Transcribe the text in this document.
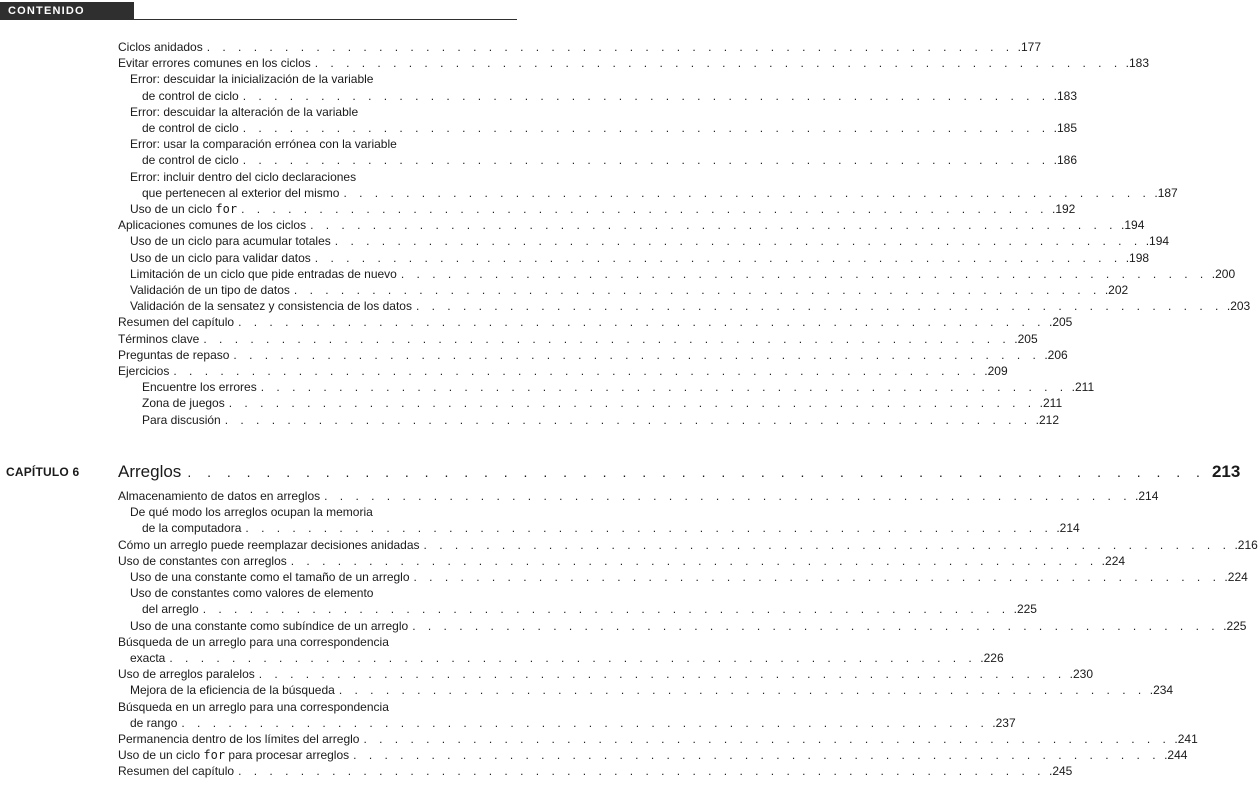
CONTENIDO
Ciclos anidados . . . . . . . . . . . . . . . . . . . . . . . . . . . . . . . . . . . . . . . . . . . . . . . . . . . . .177
Evitar errores comunes en los ciclos . . . . . . . . . . . . . . . . . . . . . . . . . . . . . . . . . . . . . . . . . . . . . . . . . . . . .183
Error: descuidar la inicialización de la variable
de control de ciclo . . . . . . . . . . . . . . . . . . . . . . . . . . . . . . . . . . . . . . . . . . . . . . . . . . . . .183
Error: descuidar la alteración de la variable
de control de ciclo . . . . . . . . . . . . . . . . . . . . . . . . . . . . . . . . . . . . . . . . . . . . . . . . . . . . .185
Error: usar la comparación errónea con la variable
de control de ciclo . . . . . . . . . . . . . . . . . . . . . . . . . . . . . . . . . . . . . . . . . . . . . . . . . . . . .186
Error: incluir dentro del ciclo declaraciones
que pertenecen al exterior del mismo . . . . . . . . . . . . . . . . . . . . . . . . . . . . . . . . . . . . . . . . . . . . . . . . . . . . .187
Uso de un ciclo for . . . . . . . . . . . . . . . . . . . . . . . . . . . . . . . . . . . . . . . . . . . . . . . . . . . . .192
Aplicaciones comunes de los ciclos . . . . . . . . . . . . . . . . . . . . . . . . . . . . . . . . . . . . . . . . . . . . . . . . . . . . .194
Uso de un ciclo para acumular totales . . . . . . . . . . . . . . . . . . . . . . . . . . . . . . . . . . . . . . . . . . . . . . . . . . . . .194
Uso de un ciclo para validar datos . . . . . . . . . . . . . . . . . . . . . . . . . . . . . . . . . . . . . . . . . . . . . . . . . . . . .198
Limitación de un ciclo que pide entradas de nuevo . . . . . . . . . . . . . . . . . . . . . . . . . . . . . . . . . . . . . . . . . . . . . . . . . . . . .200
Validación de un tipo de datos . . . . . . . . . . . . . . . . . . . . . . . . . . . . . . . . . . . . . . . . . . . . . . . . . . . . .202
Validación de la sensatez y consistencia de los datos . . . . . . . . . . . . . . . . . . . . . . . . . . . . . . . . . . . . . . . . . . . . . . . . . . . . .203
Resumen del capítulo . . . . . . . . . . . . . . . . . . . . . . . . . . . . . . . . . . . . . . . . . . . . . . . . . . . . .205
Términos clave . . . . . . . . . . . . . . . . . . . . . . . . . . . . . . . . . . . . . . . . . . . . . . . . . . . . .205
Preguntas de repaso . . . . . . . . . . . . . . . . . . . . . . . . . . . . . . . . . . . . . . . . . . . . . . . . . . . . .206
Ejercicios . . . . . . . . . . . . . . . . . . . . . . . . . . . . . . . . . . . . . . . . . . . . . . . . . . . . .209
Encuentre los errores . . . . . . . . . . . . . . . . . . . . . . . . . . . . . . . . . . . . . . . . . . . . . . . . . . . . .211
Zona de juegos . . . . . . . . . . . . . . . . . . . . . . . . . . . . . . . . . . . . . . . . . . . . . . . . . . . . .211
Para discusión . . . . . . . . . . . . . . . . . . . . . . . . . . . . . . . . . . . . . . . . . . . . . . . . . . . . .212
CAPÍTULO 6 Arreglos . . . . . . . . . . . . . . . . . . . . . . . . . . . . . . . . . . . . . . . . . . . . . . . . . . . . 213
Almacenamiento de datos en arreglos . . . . . . . . . . . . . . . . . . . . . . . . . . . . . . . . . . . . . . . . . . . . . . . . . . . . .214
De qué modo los arreglos ocupan la memoria
de la computadora . . . . . . . . . . . . . . . . . . . . . . . . . . . . . . . . . . . . . . . . . . . . . . . . . . . . .214
Cómo un arreglo puede reemplazar decisiones anidadas . . . . . . . . . . . . . . . . . . . . . . . . . . . . . . . . . . . . . . . . . . . . . . . . . . . . .216
Uso de constantes con arreglos . . . . . . . . . . . . . . . . . . . . . . . . . . . . . . . . . . . . . . . . . . . . . . . . . . . . .224
Uso de una constante como el tamaño de un arreglo . . . . . . . . . . . . . . . . . . . . . . . . . . . . . . . . . . . . . . . . . . . . . . . . . . . . .224
Uso de constantes como valores de elemento
del arreglo . . . . . . . . . . . . . . . . . . . . . . . . . . . . . . . . . . . . . . . . . . . . . . . . . . . . .225
Uso de una constante como subíndice de un arreglo . . . . . . . . . . . . . . . . . . . . . . . . . . . . . . . . . . . . . . . . . . . . . . . . . . . . .225
Búsqueda de un arreglo para una correspondencia
exacta . . . . . . . . . . . . . . . . . . . . . . . . . . . . . . . . . . . . . . . . . . . . . . . . . . . . .226
Uso de arreglos paralelos . . . . . . . . . . . . . . . . . . . . . . . . . . . . . . . . . . . . . . . . . . . . . . . . . . . . .230
Mejora de la eficiencia de la búsqueda . . . . . . . . . . . . . . . . . . . . . . . . . . . . . . . . . . . . . . . . . . . . . . . . . . . . .234
Búsqueda en un arreglo para una correspondencia
de rango . . . . . . . . . . . . . . . . . . . . . . . . . . . . . . . . . . . . . . . . . . . . . . . . . . . . .237
Permanencia dentro de los límites del arreglo . . . . . . . . . . . . . . . . . . . . . . . . . . . . . . . . . . . . . . . . . . . . . . . . . . . . .241
Uso de un ciclo for para procesar arreglos . . . . . . . . . . . . . . . . . . . . . . . . . . . . . . . . . . . . . . . . . . . . . . . . . . . . .244
Resumen del capítulo . . . . . . . . . . . . . . . . . . . . . . . . . . . . . . . . . . . . . . . . . . . . . . . . . . . . .245
